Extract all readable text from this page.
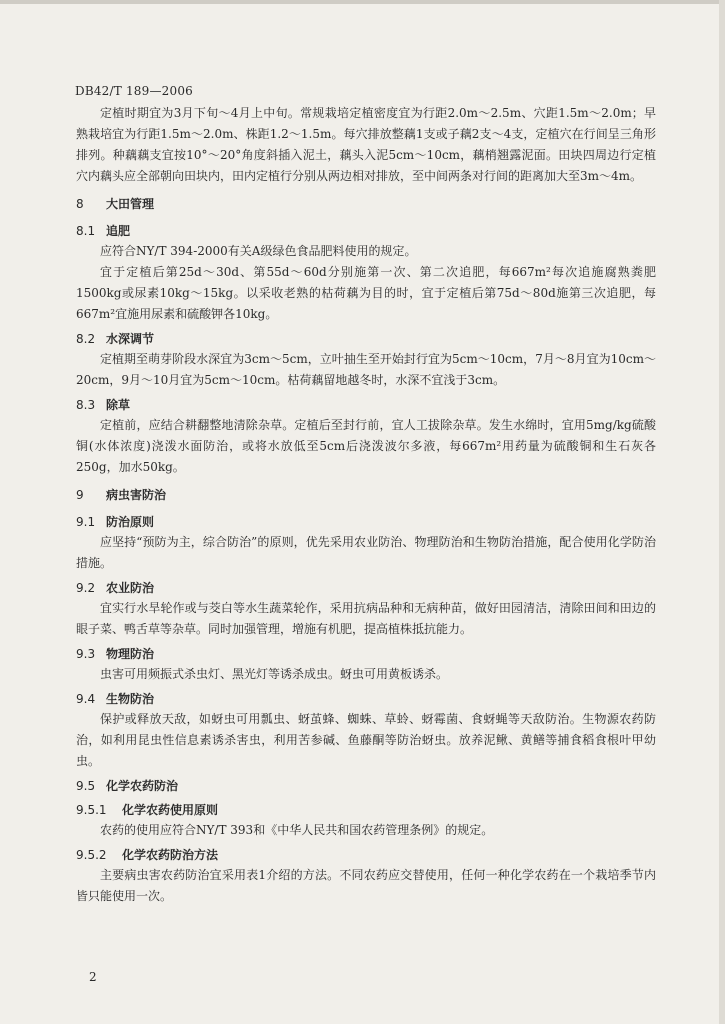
DB42/T 189—2006

定植时期宜为3月下旬～4月上中旬。常规栽培定植密度宜为行距2.0m～2.5m、穴距1.5m～2.0m；早熟栽培宜为行距1.5m～2.0m、株距1.2～1.5m。每穴排放整藕1支或子藕2支～4支，定植穴在行间呈三角形排列。种藕藕支宜按10°～20°角度斜插入泥土，藕头入泥5cm～10cm，藕梢翘露泥面。田块四周边行定植穴内藕头应全部朝向田块内，田内定植行分别从两边相对排放，至中间两条对行间的距离加大至3m～4m。

8 大田管理
8.1 追肥

应符合NY/T 394-2000有关A级绿色食品肥料使用的规定。

宜于定植后第25d～30d、第55d～60d分别施第一次、第二次追肥，每667m²每次追施腐熟粪肥1500kg或尿素10kg～15kg。以采收老熟的枯荷藕为目的时，宜于定植后第75d～80d施第三次追肥，每667m²宜施用尿素和硫酸钾各10kg。

8.2 水深调节

定植期至萌芽阶段水深宜为3cm～5cm，立叶抽生至开始封行宜为5cm～10cm，7月～8月宜为10cm～20cm，9月～10月宜为5cm～10cm。枯荷藕留地越冬时，水深不宜浅于3cm。

8.3 除草

定植前，应结合耕翻整地清除杂草。定植后至封行前，宜人工拔除杂草。发生水绵时，宜用5mg/kg硫酸铜(水体浓度)浇泼水面防治，或将水放低至5cm后浇泼波尔多液，每667m²用药量为硫酸铜和生石灰各250g，加水50kg。

9 病虫害防治
9.1 防治原则

应坚持“预防为主，综合防治”的原则，优先采用农业防治、物理防治和生物防治措施，配合使用化学防治措施。

9.2 农业防治

宜实行水旱轮作或与茭白等水生蔬菜轮作，采用抗病品种和无病种苗，做好田园清洁，清除田间和田边的眼子菜、鸭舌草等杂草。同时加强管理，增施有机肥，提高植株抵抗能力。

9.3 物理防治

虫害可用频振式杀虫灯、黑光灯等诱杀成虫。蚜虫可用黄板诱杀。

9.4 生物防治

保护或释放天敌，如蚜虫可用瓢虫、蚜茧蜂、蜘蛛、草蛉、蚜霉菌、食蚜蝇等天敌防治。生物源农药防治，如利用昆虫性信息素诱杀害虫，利用苦参碱、鱼藤酮等防治蚜虫。放养泥鳅、黄鳝等捕食稻食根叶甲幼虫。

9.5 化学农药防治
9.5.1 化学农药使用原则

农药的使用应符合NY/T 393和《中华人民共和国农药管理条例》的规定。

9.5.2 化学农药防治方法

主要病虫害农药防治宜采用表1介绍的方法。不同农药应交替使用，任何一种化学农药在一个栽培季节内皆只能使用一次。

2
